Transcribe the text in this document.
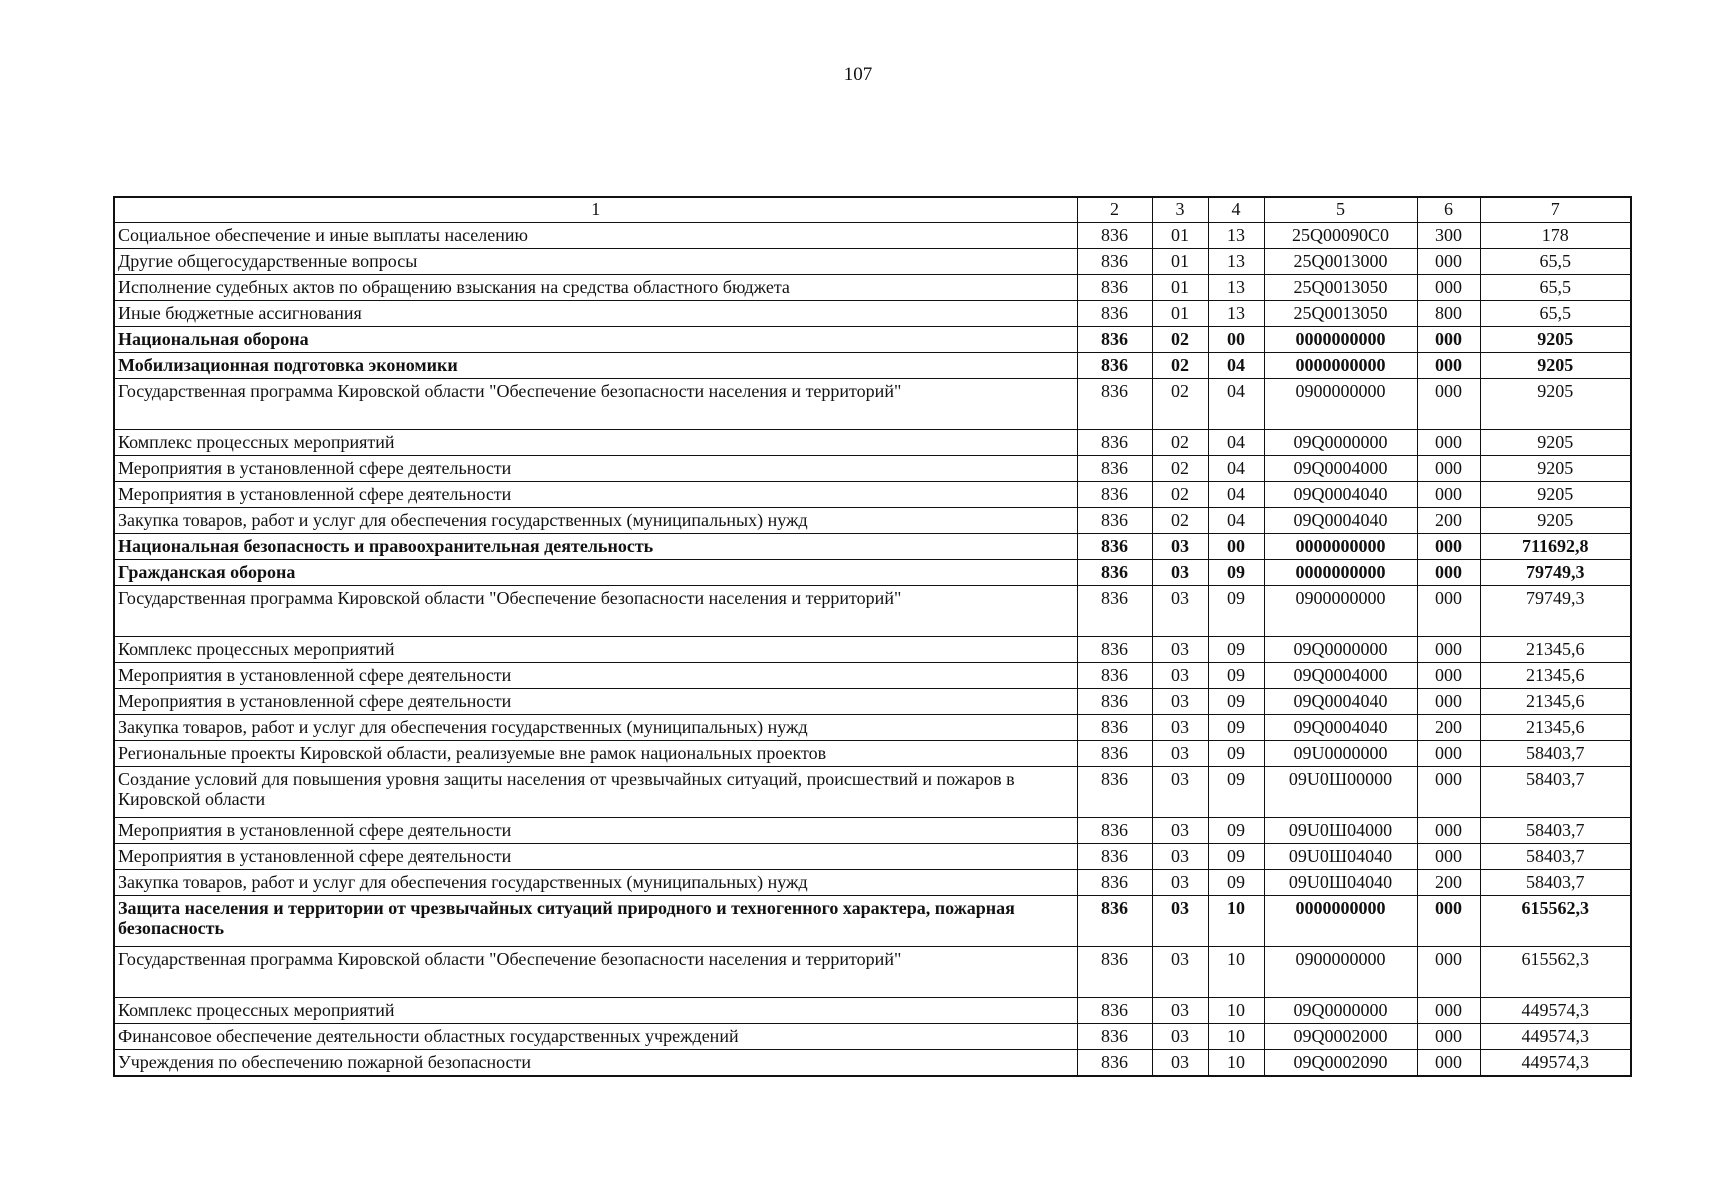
107
1	2	3	4	5	6	7
Социальное обеспечение и иные выплаты населению	836	01	13	25Q00090С0	300	178
Другие общегосударственные вопросы	836	01	13	25Q0013000	000	65,5
Исполнение судебных актов по обращению взыскания на средства областного бюджета	836	01	13	25Q0013050	000	65,5
Иные бюджетные ассигнования	836	01	13	25Q0013050	800	65,5
Национальная оборона	836	02	00	0000000000	000	9205
Мобилизационная подготовка экономики	836	02	04	0000000000	000	9205
Государственная программа Кировской области "Обеспечение безопасности населения и территорий"	836	02	04	0900000000	000	9205
Комплекс процессных мероприятий	836	02	04	09Q0000000	000	9205
Мероприятия в установленной сфере деятельности	836	02	04	09Q0004000	000	9205
Мероприятия в установленной сфере деятельности	836	02	04	09Q0004040	000	9205
Закупка товаров, работ и услуг для обеспечения государственных (муниципальных) нужд	836	02	04	09Q0004040	200	9205
Национальная безопасность и правоохранительная деятельность	836	03	00	0000000000	000	711692,8
Гражданская оборона	836	03	09	0000000000	000	79749,3
Государственная программа Кировской области "Обеспечение безопасности населения и территорий"	836	03	09	0900000000	000	79749,3
Комплекс процессных мероприятий	836	03	09	09Q0000000	000	21345,6
Мероприятия в установленной сфере деятельности	836	03	09	09Q0004000	000	21345,6
Мероприятия в установленной сфере деятельности	836	03	09	09Q0004040	000	21345,6
Закупка товаров, работ и услуг для обеспечения государственных (муниципальных) нужд	836	03	09	09Q0004040	200	21345,6
Региональные проекты Кировской области, реализуемые вне рамок национальных проектов	836	03	09	09U0000000	000	58403,7
Создание условий для повышения уровня защиты населения от чрезвычайных ситуаций, происшествий и пожаров в Кировской области	836	03	09	09U0Ш00000	000	58403,7
Мероприятия в установленной сфере деятельности	836	03	09	09U0Ш04000	000	58403,7
Мероприятия в установленной сфере деятельности	836	03	09	09U0Ш04040	000	58403,7
Закупка товаров, работ и услуг для обеспечения государственных (муниципальных) нужд	836	03	09	09U0Ш04040	200	58403,7
Защита населения и территории от чрезвычайных ситуаций природного и техногенного характера, пожарная безопасность	836	03	10	0000000000	000	615562,3
Государственная программа Кировской области "Обеспечение безопасности населения и территорий"	836	03	10	0900000000	000	615562,3
Комплекс процессных мероприятий	836	03	10	09Q0000000	000	449574,3
Финансовое обеспечение деятельности областных государственных учреждений	836	03	10	09Q0002000	000	449574,3
Учреждения по обеспечению пожарной безопасности	836	03	10	09Q0002090	000	449574,3
